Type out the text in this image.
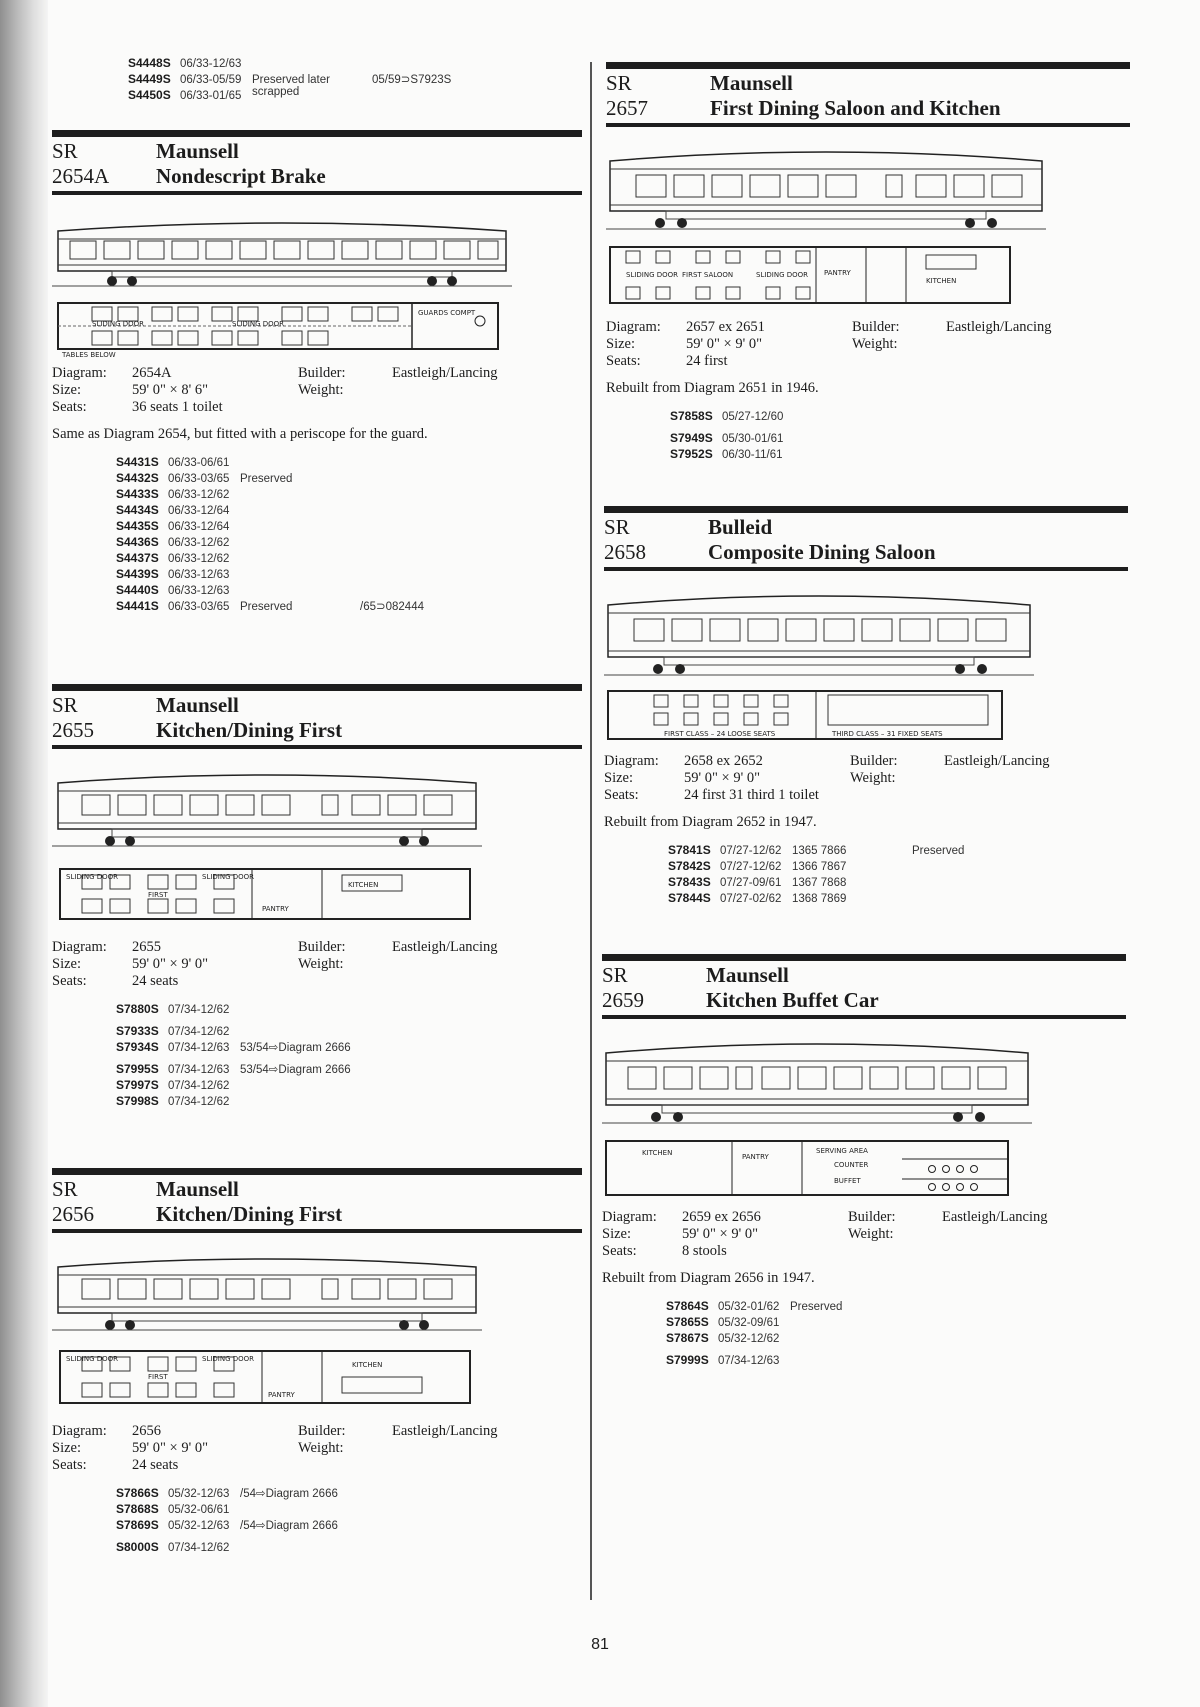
S4448S 06/33-12/63
S4449S 06/33-05/59 Preserved later scrapped
05/59⊃S7923S
S4450S 06/33-01/65
SR
2654A
Maunsell
Nondescript Brake
SLIDING DOOR	SLIDING DOOR
GUARDS COMPT
TABLES BELOW
Diagram:	2654A	Builder:	Eastleigh/Lancing
Size:	59' 0" × 8' 6"	Weight:
Seats:	36 seats 1 toilet
Same as Diagram 2654, but fitted with a periscope for the guard.
S4431S 06/33-06/61
S4432S 06/33-03/65 Preserved
S4433S 06/33-12/62
S4434S 06/33-12/64
S4435S 06/33-12/64
S4436S 06/33-12/62
S4437S 06/33-12/62
S4439S 06/33-12/63
S4440S 06/33-12/63
S4441S 06/33-03/65 Preserved	/65⊃082444
SR
2655
Maunsell
Kitchen/Dining First
SLIDING DOOR
FIRST
SLIDING DOOR
PANTRY
KITCHEN
Diagram:	2655	Builder:	Eastleigh/Lancing
Size:	59' 0" × 9' 0"	Weight:
Seats:	24 seats
S7880S 07/34-12/62
S7933S 07/34-12/62
S7934S 07/34-12/63 53/54⇨Diagram 2666
S7995S 07/34-12/63 53/54⇨Diagram 2666
S7997S 07/34-12/62
S7998S 07/34-12/62
SR
2656
Maunsell
Kitchen/Dining First
SLIDING DOOR
FIRST
SLIDING DOOR
PANTRY
KITCHEN
Diagram:	2656	Builder:	Eastleigh/Lancing
Size:	59' 0" × 9' 0"	Weight:
Seats:	24 seats
S7866S 05/32-12/63 /54⇨Diagram 2666
S7868S 05/32-06/61
S7869S 05/32-12/63 /54⇨Diagram 2666
S8000S 07/34-12/62
SR
2657
Maunsell
First Dining Saloon and Kitchen
SLIDING DOOR FIRST SALOON	SLIDING DOOR PANTRY
KITCHEN
Diagram:	2657 ex 2651	Builder:	Eastleigh/Lancing
Size:	59' 0" × 9' 0"	Weight:
Seats:	24 first
Rebuilt from Diagram 2651 in 1946.
S7858S 05/27-12/60
S7949S 05/30-01/61
S7952S 06/30-11/61
SR
2658
Bulleid
Composite Dining Saloon
FIRST CLASS – 24 LOOSE SEATS	THIRD CLASS – 31 FIXED SEATS
Diagram:	2658 ex 2652	Builder:	Eastleigh/Lancing
Size:	59' 0" × 9' 0"	Weight:
Seats:	24 first 31 third 1 toilet
Rebuilt from Diagram 2652 in 1947.
S7841S 07/27-12/62 1365 7866	Preserved
S7842S 07/27-12/62 1366 7867
S7843S 07/27-09/61 1367 7868
S7844S 07/27-02/62 1368 7869
SR
2659
Maunsell
Kitchen Buffet Car
KITCHEN	PANTRY
SERVING AREA
COUNTER
BUFFET
Diagram:	2659 ex 2656	Builder:	Eastleigh/Lancing
Size:	59' 0" × 9' 0"	Weight:
Seats:	8 stools
Rebuilt from Diagram 2656 in 1947.
S7864S 05/32-01/62 Preserved
S7865S 05/32-09/61
S7867S 05/32-12/62
S7999S 07/34-12/63
81
